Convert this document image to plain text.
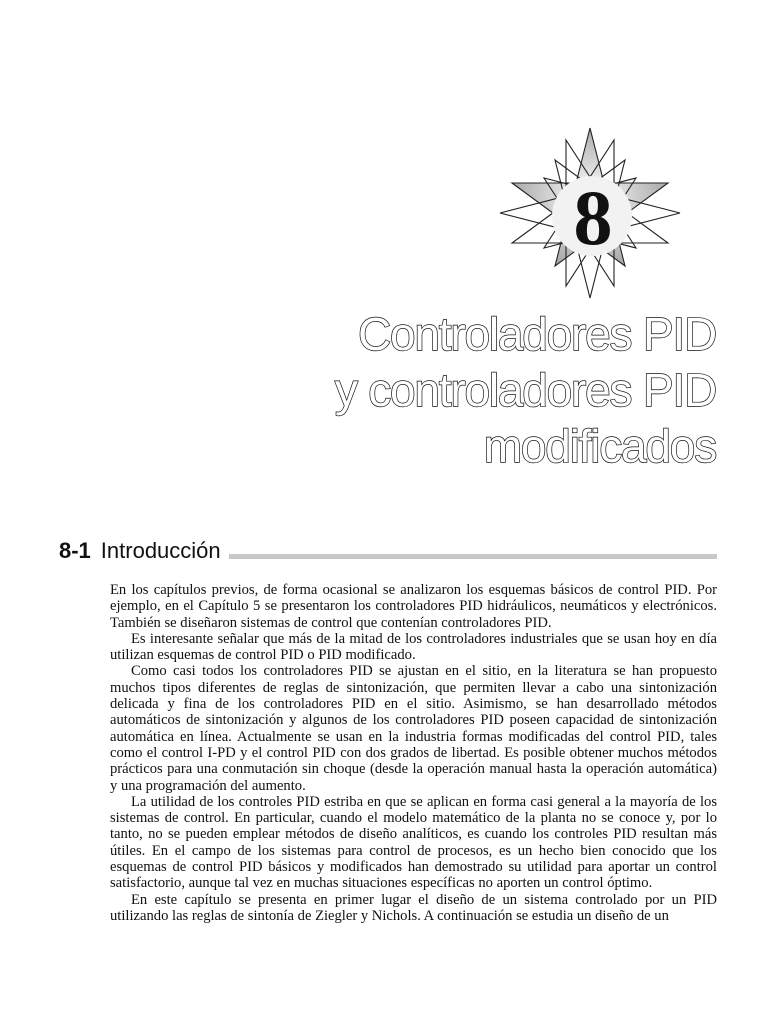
8
Controladores PID
y controladores PID
modificados
8-1 Introducción

En los capítulos previos, de forma ocasional se analizaron los esquemas básicos de control PID. Por ejemplo, en el Capítulo 5 se presentaron los controladores PID hidráulicos, neumáticos y electrónicos. También se diseñaron sistemas de control que contenían controladores PID.

Es interesante señalar que más de la mitad de los controladores industriales que se usan hoy en día utilizan esquemas de control PID o PID modificado.

Como casi todos los controladores PID se ajustan en el sitio, en la literatura se han propuesto muchos tipos diferentes de reglas de sintonización, que permiten llevar a cabo una sintonización delicada y fina de los controladores PID en el sitio. Asimismo, se han desarrollado métodos automáticos de sintonización y algunos de los controladores PID poseen capacidad de sintonización automática en línea. Actualmente se usan en la industria formas modificadas del control PID, tales como el control I-PD y el control PID con dos grados de libertad. Es posible obtener muchos métodos prácticos para una conmutación sin choque (desde la operación manual hasta la operación automática) y una programación del aumento.

La utilidad de los controles PID estriba en que se aplican en forma casi general a la mayoría de los sistemas de control. En particular, cuando el modelo matemático de la planta no se conoce y, por lo tanto, no se pueden emplear métodos de diseño analíticos, es cuando los controles PID resultan más útiles. En el campo de los sistemas para control de procesos, es un hecho bien conocido que los esquemas de control PID básicos y modificados han demostrado su utilidad para aportar un control satisfactorio, aunque tal vez en muchas situaciones específicas no aporten un control óptimo.

En este capítulo se presenta en primer lugar el diseño de un sistema controlado por un PID utilizando las reglas de sintonía de Ziegler y Nichols. A continuación se estudia un diseño de un
